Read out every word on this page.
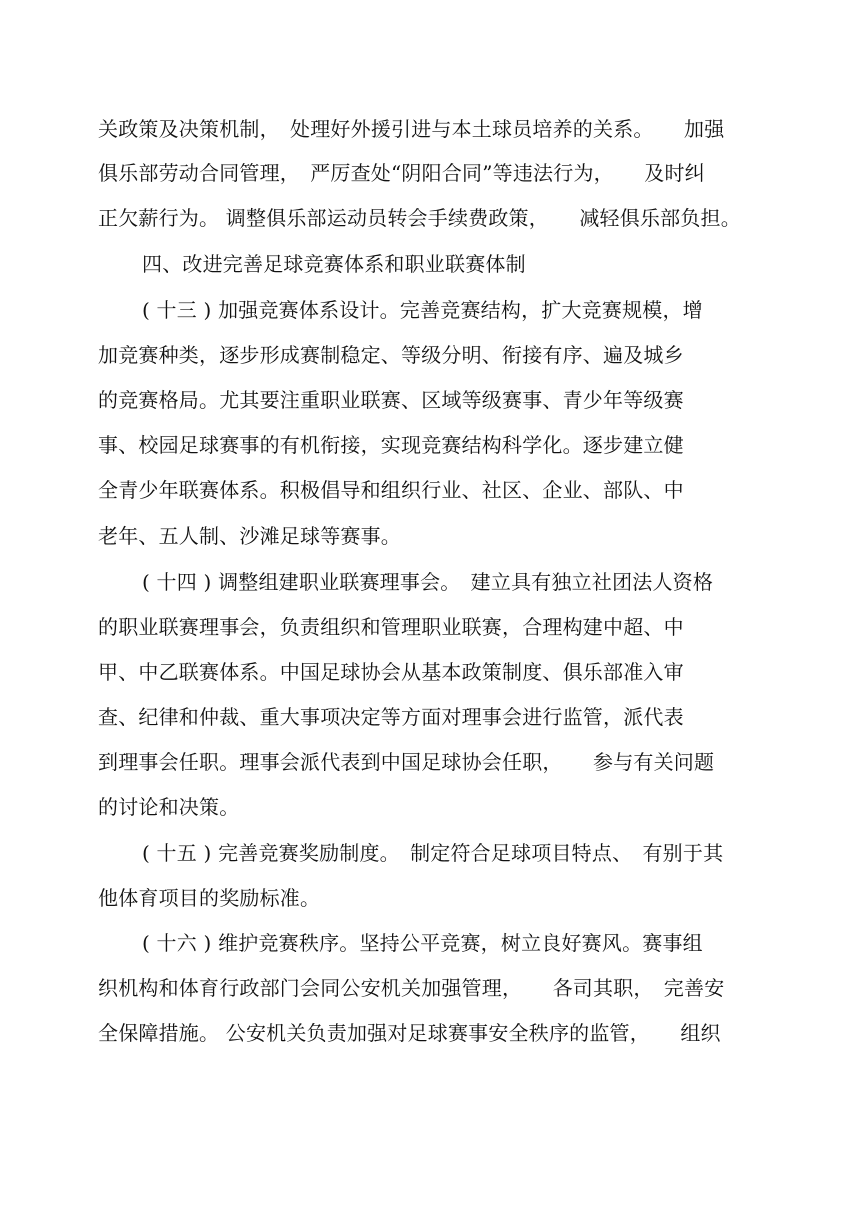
关政策及决策机制，　处理好外援引进与本土球员培养的关系。　　加强
俱乐部劳动合同管理，　严厉查处“阴阳合同”等违法行为，　　及时纠
正欠薪行为。 调整俱乐部运动员转会手续费政策，　　减轻俱乐部负担。
四、改进完善足球竞赛体系和职业联赛体制
( 十三 ) 加强竞赛体系设计。完善竞赛结构，扩大竞赛规模，增
加竞赛种类，逐步形成赛制稳定、等级分明、衔接有序、遍及城乡
的竞赛格局。尤其要注重职业联赛、区域等级赛事、青少年等级赛
事、校园足球赛事的有机衔接，实现竞赛结构科学化。逐步建立健
全青少年联赛体系。积极倡导和组织行业、社区、企业、部队、中
老年、五人制、沙滩足球等赛事。
( 十四 ) 调整组建职业联赛理事会。　建立具有独立社团法人资格
的职业联赛理事会，负责组织和管理职业联赛，合理构建中超、中
甲、中乙联赛体系。中国足球协会从基本政策制度、俱乐部准入审
查、纪律和仲裁、重大事项决定等方面对理事会进行监管，派代表
到理事会任职。理事会派代表到中国足球协会任职，　　参与有关问题
的讨论和决策。
( 十五 ) 完善竞赛奖励制度。　制定符合足球项目特点、　有别于其
他体育项目的奖励标准。
( 十六 ) 维护竞赛秩序。坚持公平竞赛，树立良好赛风。赛事组
织机构和体育行政部门会同公安机关加强管理，　　各司其职，　完善安
全保障措施。 公安机关负责加强对足球赛事安全秩序的监管，　　组织
